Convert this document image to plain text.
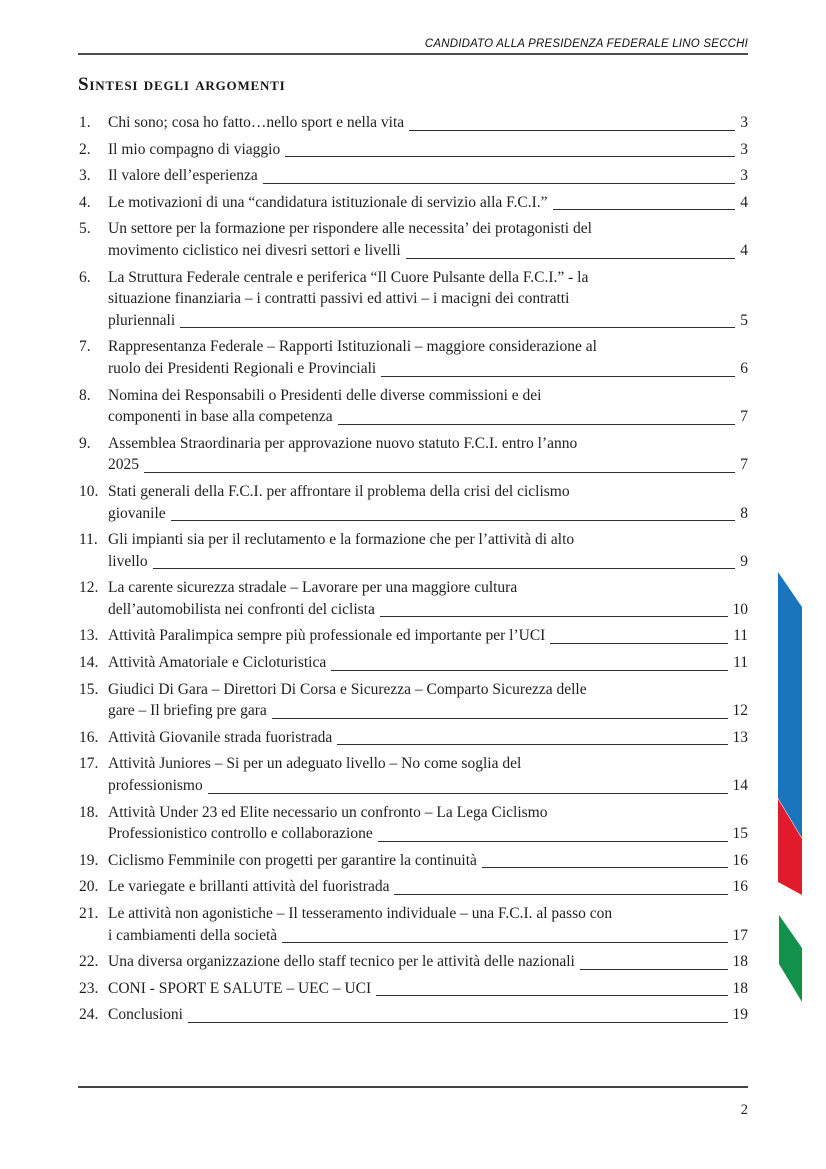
CANDIDATO ALLA PRESIDENZA FEDERALE LINO SECCHI
Sintesi degli argomenti
1.	Chi sono; cosa ho fatto…nello sport e nella vita	3
2.	Il mio compagno di viaggio	3
3.	Il valore dell’esperienza	3
4.	Le motivazioni di una “candidatura istituzionale di servizio alla F.C.I.”	4
5.	Un settore per la formazione per rispondere alle necessita’ dei protagonisti del
movimento ciclistico nei divesri settori e livelli	4
6.	La Struttura Federale centrale e periferica “Il Cuore Pulsante della F.C.I.” - la
situazione finanziaria – i contratti passivi ed attivi – i macigni dei contratti
pluriennali	5
7.	Rappresentanza Federale – Rapporti Istituzionali – maggiore considerazione al
ruolo dei Presidenti Regionali e Provinciali	6
8.	Nomina dei Responsabili o Presidenti delle diverse commissioni e dei
componenti in base alla competenza	7
9.	Assemblea Straordinaria per approvazione nuovo statuto F.C.I. entro l’anno
2025	7
10. Stati generali della F.C.I. per affrontare il problema della crisi del ciclismo
giovanile	8
11. Gli impianti sia per il reclutamento e la formazione che per l’attività di alto
livello	9
12. La carente sicurezza stradale – Lavorare per una maggiore cultura
dell’automobilista nei confronti del ciclista	10
13. Attività Paralimpica sempre più professionale ed importante per l’UCI	11
14. Attività Amatoriale e Cicloturistica	11
15. Giudici Di Gara – Direttori Di Corsa e Sicurezza – Comparto Sicurezza delle
gare – Il briefing pre gara	12
16. Attività Giovanile strada fuoristrada	13
17. Attività Juniores – Si per un adeguato livello – No come soglia del
professionismo	14
18. Attività Under 23 ed Elite necessario un confronto – La Lega Ciclismo
Professionistico controllo e collaborazione	15
19. Ciclismo Femminile con progetti per garantire la continuità	16
20. Le variegate e brillanti attività del fuoristrada	16
21. Le attività non agonistiche – Il tesseramento individuale – una F.C.I. al passo con
i cambiamenti della società	17
22. Una diversa organizzazione dello staff tecnico per le attività delle nazionali	18
23. CONI - SPORT E SALUTE – UEC – UCI	18
24. Conclusioni	19
2
